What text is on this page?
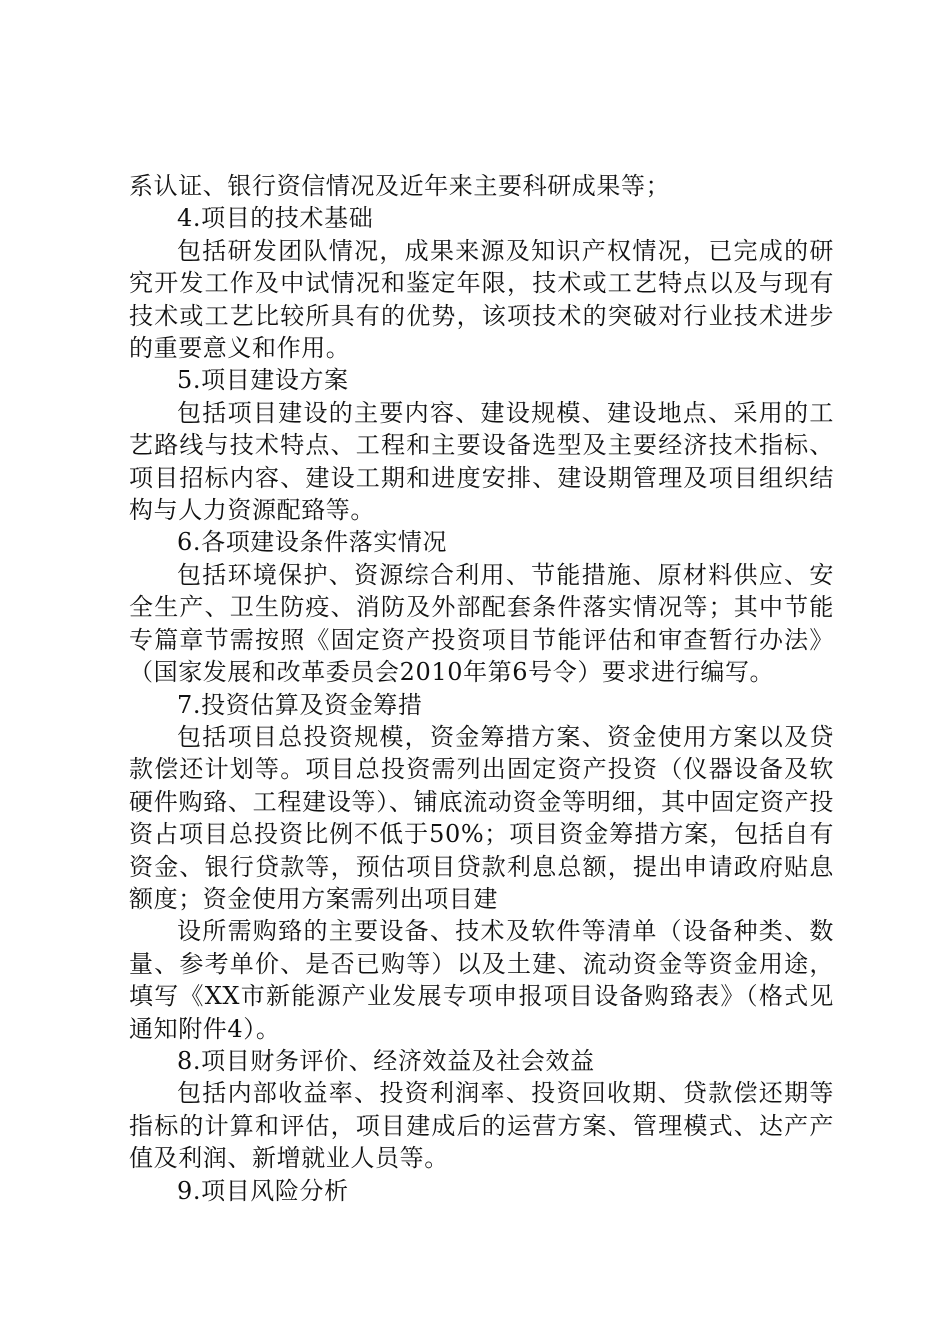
系认证、银行资信情况及近年来主要科研成果等；

4.项目的技术基础

包括研发团队情况，成果来源及知识产权情况，已完成的研究开发工作及中试情况和鉴定年限，技术或工艺特点以及与现有技术或工艺比较所具有的优势，该项技术的突破对行业技术进步的重要意义和作用。

5.项目建设方案

包括项目建设的主要内容、建设规模、建设地点、采用的工艺路线与技术特点、工程和主要设备选型及主要经济技术指标、项目招标内容、建设工期和进度安排、建设期管理及项目组织结构与人力资源配臵等。

6.各项建设条件落实情况

包括环境保护、资源综合利用、节能措施、原材料供应、安全生产、卫生防疫、消防及外部配套条件落实情况等；其中节能专篇章节需按照《固定资产投资项目节能评估和审查暂行办法》（国家发展和改革委员会2010年第6号令）要求进行编写。

7.投资估算及资金筹措

包括项目总投资规模，资金筹措方案、资金使用方案以及贷款偿还计划等。项目总投资需列出固定资产投资（仪器设备及软硬件购臵、工程建设等）、铺底流动资金等明细，其中固定资产投资占项目总投资比例不低于50%；项目资金筹措方案，包括自有资金、银行贷款等，预估项目贷款利息总额，提出申请政府贴息额度；资金使用方案需列出项目建

设所需购臵的主要设备、技术及软件等清单（设备种类、数量、参考单价、是否已购等）以及土建、流动资金等资金用途，填写《XX市新能源产业发展专项申报项目设备购臵表》（格式见通知附件4）。

8.项目财务评价、经济效益及社会效益

包括内部收益率、投资利润率、投资回收期、贷款偿还期等指标的计算和评估，项目建成后的运营方案、管理模式、达产产值及利润、新增就业人员等。

9.项目风险分析
